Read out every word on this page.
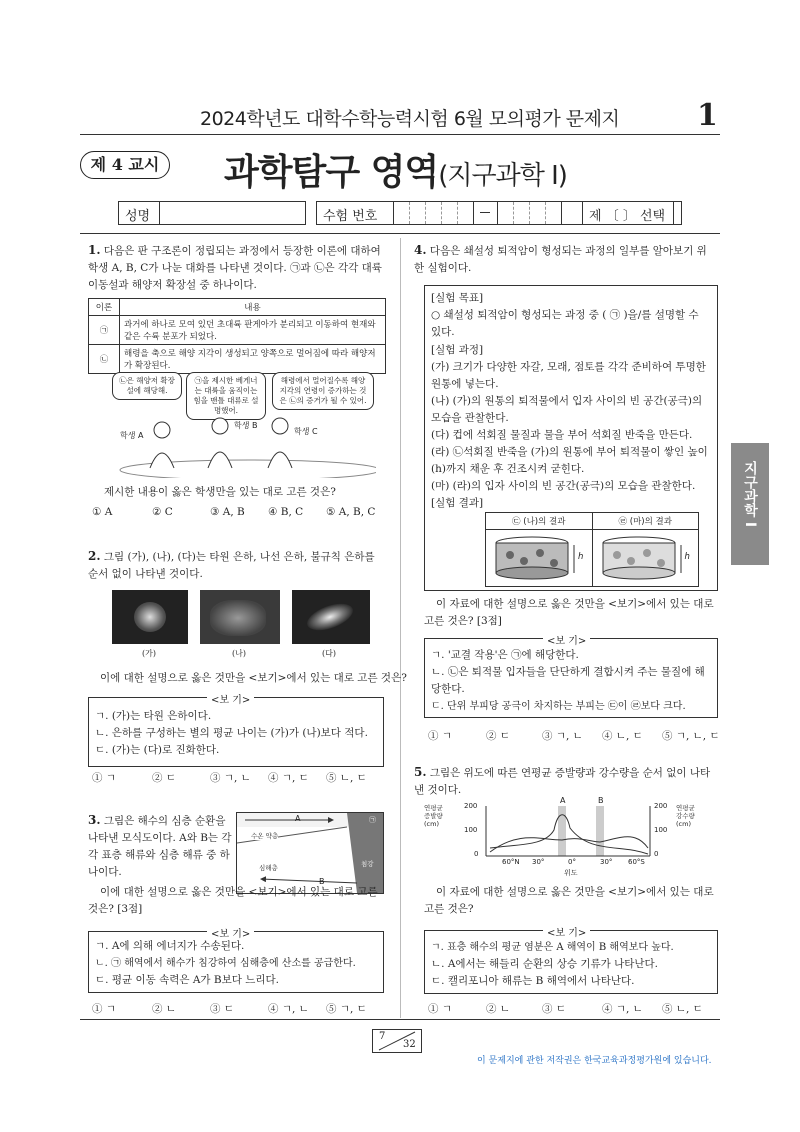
2024학년도 대학수학능력시험 6월 모의평가 문제지	1
제 4 교시 과학탐구 영역(지구과학 I)
성명	수험 번호	제 〔 〕 선택
지구과학 I
1. 다음은 판 구조론이 정립되는 과정에서 등장한 이론에 대하여 학생 A, B, C가 나눈 대화를 나타낸 것이다. ㉠과 ㉡은 각각 대륙 이동설과 해양저 확장설 중 하나이다.
이론	내용
㉠	과거에 하나로 모여 있던 초대륙 판게아가 분리되고 이동하여 현재와 같은 수륙 분포가 되었다.
㉡	해령을 축으로 해양 지각이 생성되고 양쪽으로 멀어짐에 따라 해양저가 확장된다.
㉡은 해양저 확장설에 해당해.
㉠을 제시한 베게너는 대륙을 움직이는 힘을 맨틀 대류로 설명했어.
해령에서 멀어질수록 해양 지각의 연령이 증가하는 것은 ㉡의 증거가 될 수 있어.
학생 A
학생 B
학생 C
제시한 내용이 옳은 학생만을 있는 대로 고른 것은?
① A	② C	③ A, B ④ B, C ⑤ A, B, C
2. 그림 (가), (나), (다)는 타원 은하, 나선 은하, 불규칙 은하를 순서 없이 나타낸 것이다.
(가)	(나)	(다)
이에 대한 설명으로 옳은 것만을 <보기>에서 있는 대로 고른 것은?
<보 기>
ㄱ. (가)는 타원 은하이다.
ㄴ. 은하를 구성하는 별의 평균 나이는 (가)가 (나)보다 적다.
ㄷ. (가)는 (다)로 진화한다.
① ㄱ	② ㄷ	③ ㄱ, ㄴ ④ ㄱ, ㄷ ⑤ ㄴ, ㄷ
3. 그림은 해수의 심층 순환을 나타낸 모식도이다. A와 B는 각각 표층 해류와 심층 해류 중 하나이다.
A
B
수온 약층
심해층	침강
㉠
이에 대한 설명으로 옳은 것만을 <보기>에서 있는 대로 고른 것은? [3점]
<보 기>
ㄱ. A에 의해 에너지가 수송된다.
ㄴ. ㉠ 해역에서 해수가 침강하여 심해층에 산소를 공급한다.
ㄷ. 평균 이동 속력은 A가 B보다 느리다.
① ㄱ	② ㄴ	③ ㄷ	④ ㄱ, ㄴ ⑤ ㄱ, ㄷ
4. 다음은 쇄설성 퇴적암이 형성되는 과정의 일부를 알아보기 위한 실험이다.
[실험 목표]
○ 쇄설성 퇴적암이 형성되는 과정 중 ( ㉠ )을/를 설명할 수 있다.
[실험 과정]
(가) 크기가 다양한 자갈, 모래, 점토를 각각 준비하여 투명한 원통에 넣는다.
(나) (가)의 원통의 퇴적물에서 입자 사이의 빈 공간(공극)의 모습을 관찰한다.
(다) 컵에 석회질 물질과 물을 부어 석회질 반죽을 만든다.
(라) ㉡석회질 반죽을 (가)의 원통에 부어 퇴적물이 쌓인 높이(h)까지 채운 후 건조시켜 굳힌다.
(마) (라)의 입자 사이의 빈 공간(공극)의 모습을 관찰한다.
[실험 결과]
㉢ (나)의 결과	㉣ (마)의 결과

h	h
이 자료에 대한 설명으로 옳은 것만을 <보기>에서 있는 대로 고른 것은? [3점]
<보 기>
ㄱ. '교결 작용'은 ㉠에 해당한다.
ㄴ. ㉡은 퇴적물 입자들을 단단하게 결합시켜 주는 물질에 해당한다.
ㄷ. 단위 부피당 공극이 차지하는 부피는 ㉢이 ㉣보다 크다.
① ㄱ	② ㄷ	③ ㄱ, ㄴ ④ ㄴ, ㄷ ⑤ ㄱ, ㄴ, ㄷ
5. 그림은 위도에 따른 연평균 증발량과 강수량을 순서 없이 나타낸 것이다.
A	B
200
100
0
200
100
0
60°N 30°	0°	30° 60°S
위도
연평균증발량(cm)
연평균강수량(cm)
이 자료에 대한 설명으로 옳은 것만을 <보기>에서 있는 대로 고른 것은?
<보 기>
ㄱ. 표층 해수의 평균 염분은 A 해역이 B 해역보다 높다.
ㄴ. A에서는 해들리 순환의 상승 기류가 나타난다.
ㄷ. 캘리포니아 해류는 B 해역에서 나타난다.
① ㄱ	② ㄴ	③ ㄷ	④ ㄱ, ㄴ ⑤ ㄴ, ㄷ
7
32
이 문제지에 관한 저작권은 한국교육과정평가원에 있습니다.
